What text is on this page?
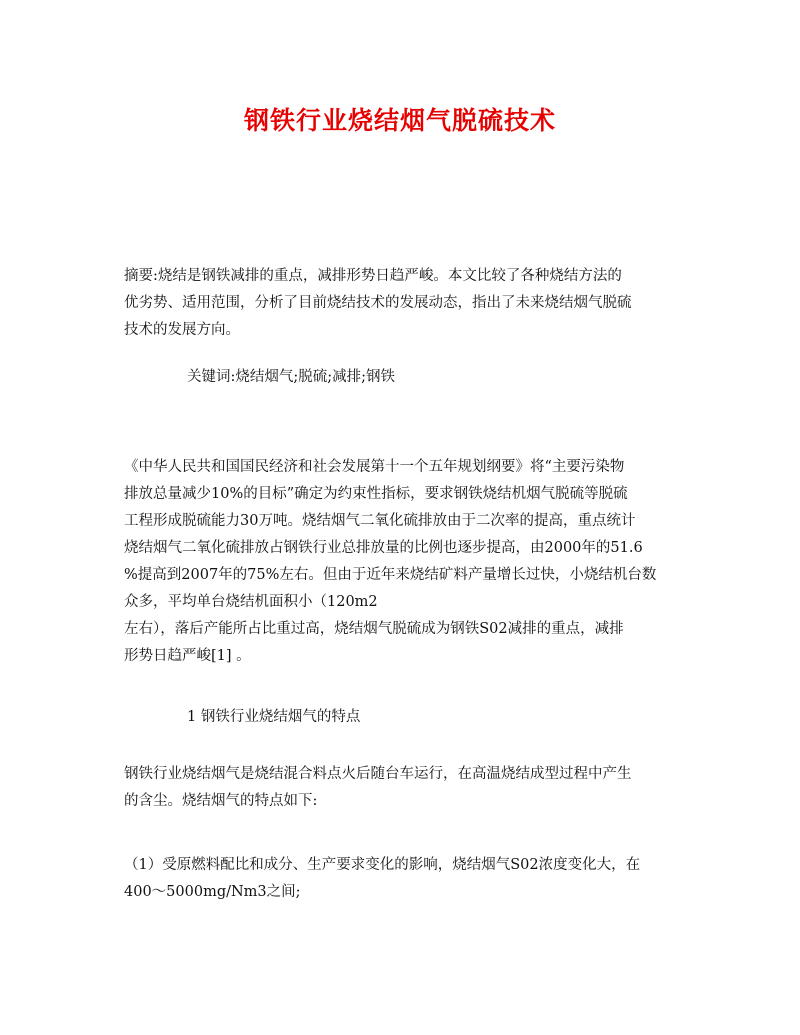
钢铁行业烧结烟气脱硫技术
摘要:烧结是钢铁减排的重点，减排形势日趋严峻。本文比较了各种烧结方法的
优劣势、适用范围，分析了目前烧结技术的发展动态，指出了未来烧结烟气脱硫
技术的发展方向。
关键词:烧结烟气;脱硫;减排;钢铁
《中华人民共和国国民经济和社会发展第十一个五年规划纲要》将“主要污染物
排放总量减少10%的目标”确定为约束性指标，要求钢铁烧结机烟气脱硫等脱硫
工程形成脱硫能力30万吨。烧结烟气二氧化硫排放由于二次率的提高，重点统计
烧结烟气二氧化硫排放占钢铁行业总排放量的比例也逐步提高，由2000年的51.6
%提高到2007年的75%左右。但由于近年来烧结矿料产量增长过快，小烧结机台数
众多，平均单台烧结机面积小（120m2
左右），落后产能所占比重过高，烧结烟气脱硫成为钢铁S02减排的重点，减排
形势日趋严峻[1] 。
1 钢铁行业烧结烟气的特点
钢铁行业烧结烟气是烧结混合料点火后随台车运行，在高温烧结成型过程中产生
的含尘。烧结烟气的特点如下:
（1）受原燃料配比和成分、生产要求变化的影响，烧结烟气S02浓度变化大，在
400～5000mg/Nm3之间;
